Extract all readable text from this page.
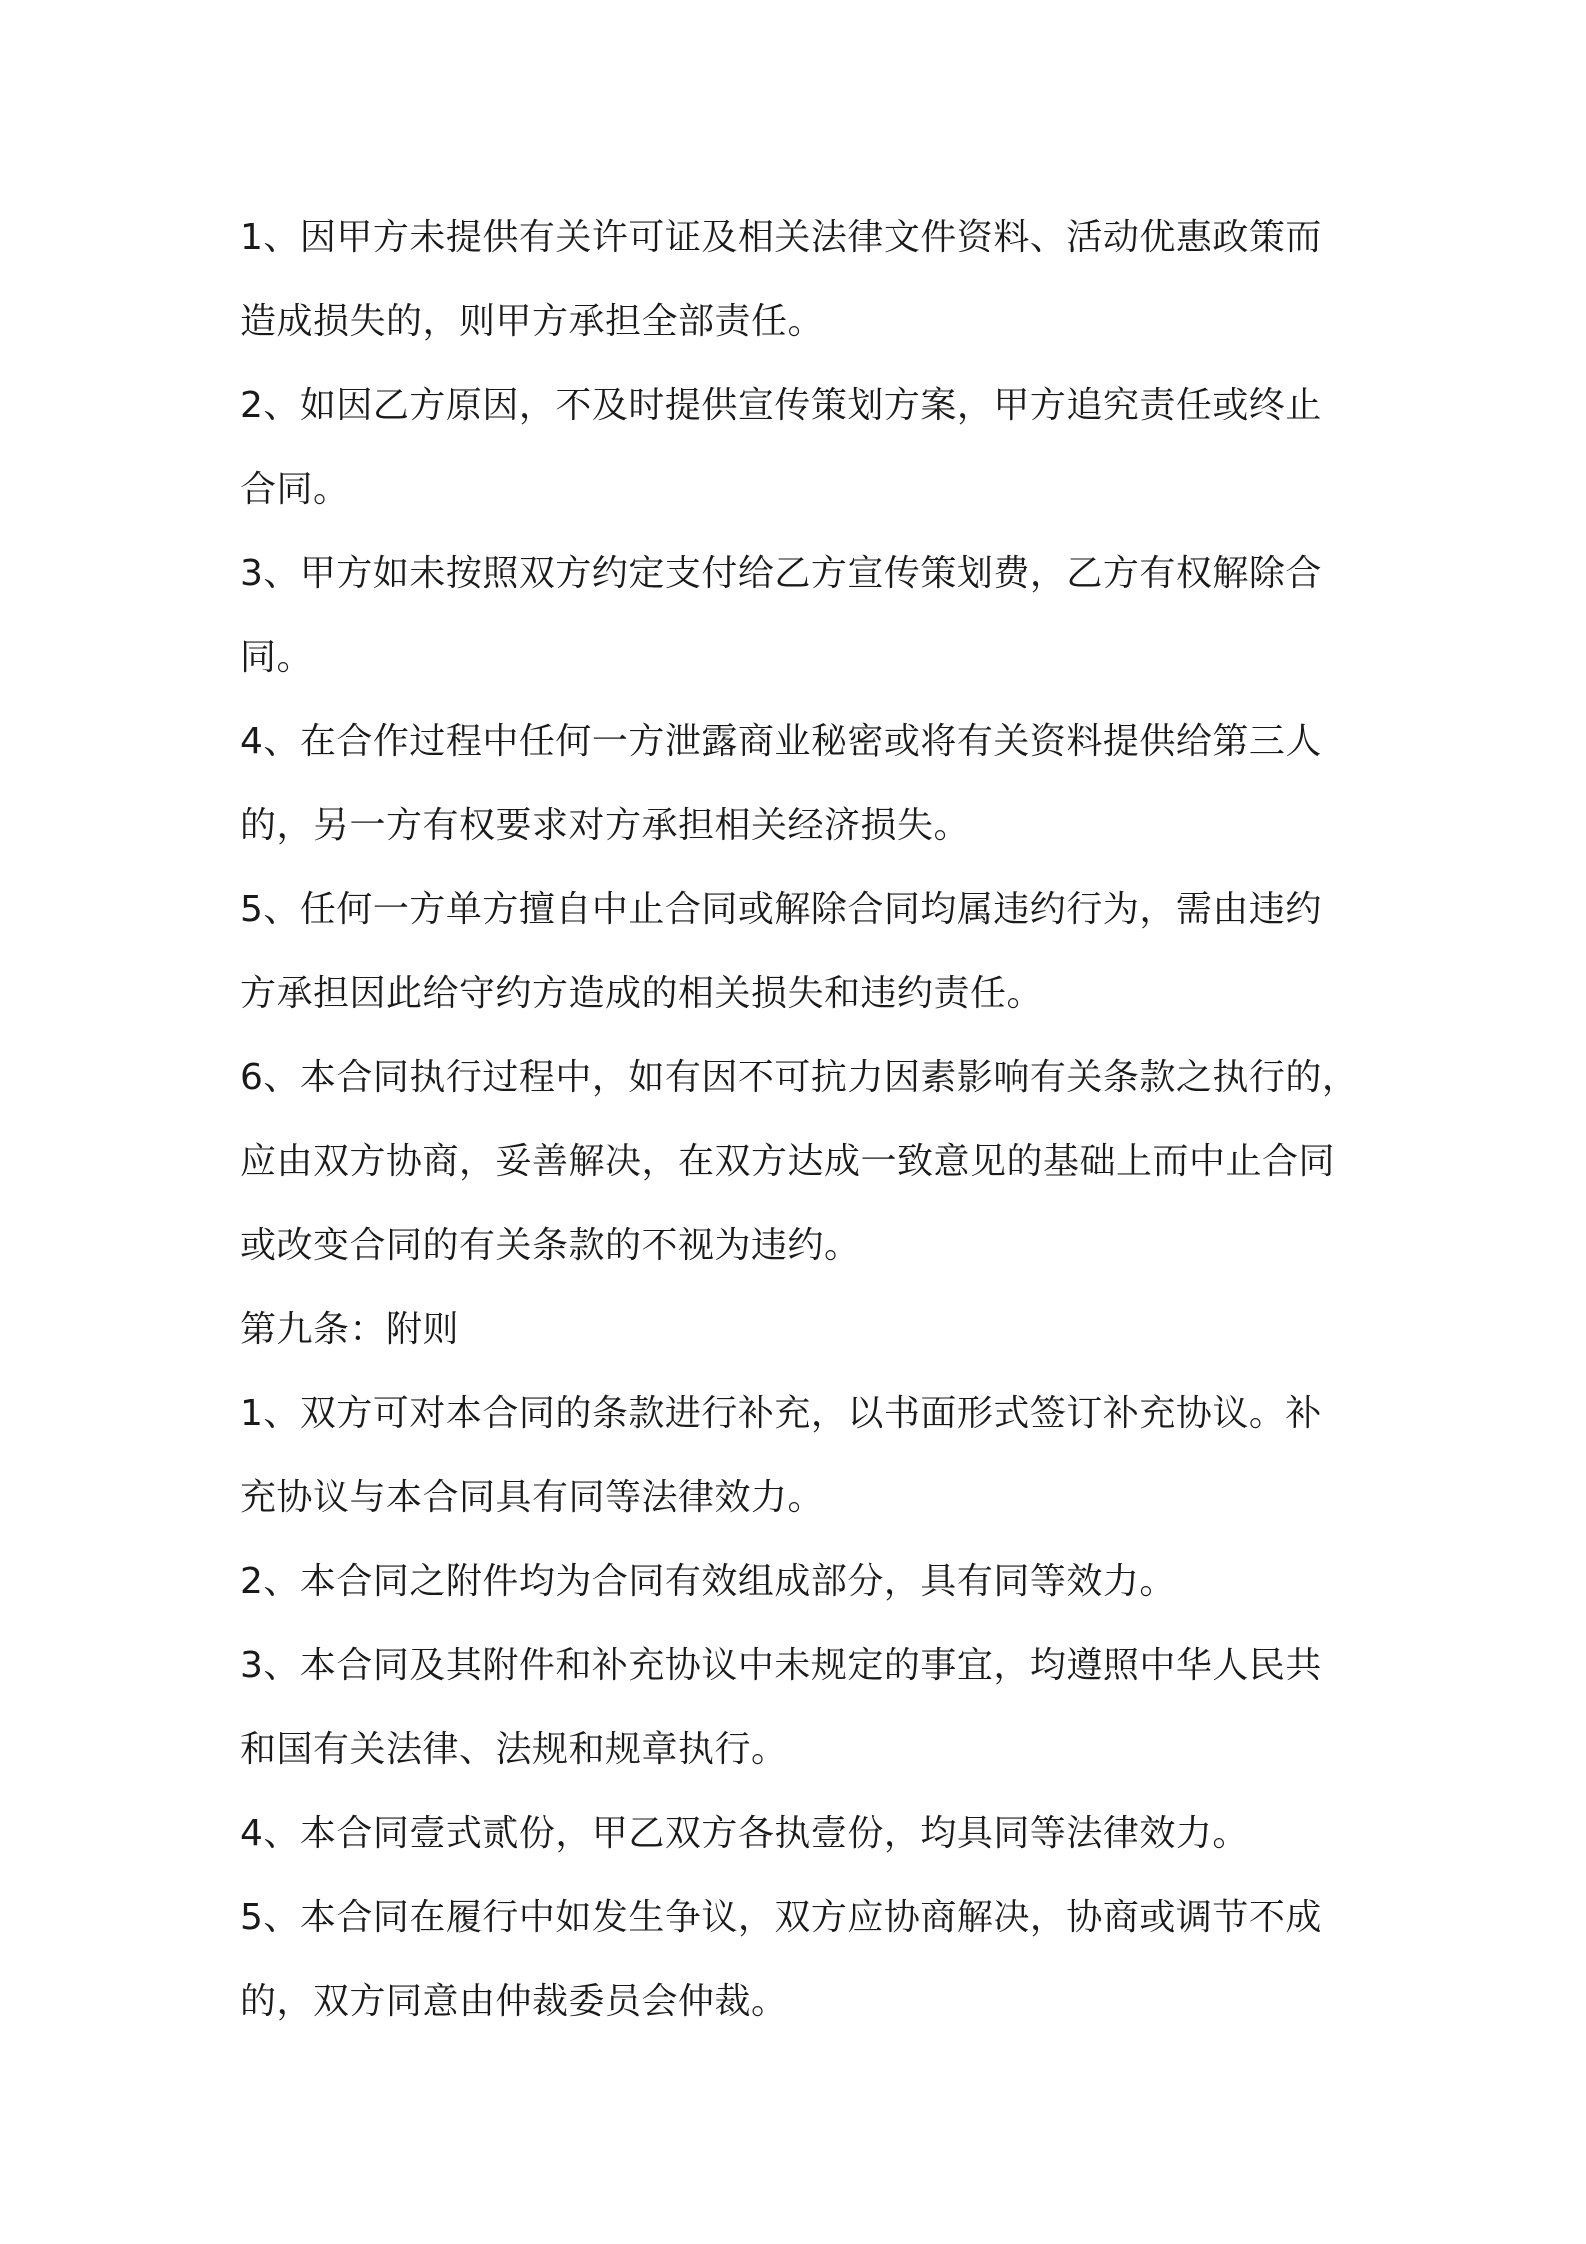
1、因甲方未提供有关许可证及相关法律文件资料、活动优惠政策而
造成损失的，则甲方承担全部责任。
2、如因乙方原因，不及时提供宣传策划方案，甲方追究责任或终止
合同。
3、甲方如未按照双方约定支付给乙方宣传策划费，乙方有权解除合
同。
4、在合作过程中任何一方泄露商业秘密或将有关资料提供给第三人
的，另一方有权要求对方承担相关经济损失。
5、任何一方单方擅自中止合同或解除合同均属违约行为，需由违约
方承担因此给守约方造成的相关损失和违约责任。
6、本合同执行过程中，如有因不可抗力因素影响有关条款之执行的，
应由双方协商，妥善解决，在双方达成一致意见的基础上而中止合同
或改变合同的有关条款的不视为违约。
第九条：附则
1、双方可对本合同的条款进行补充，以书面形式签订补充协议。补
充协议与本合同具有同等法律效力。
2、本合同之附件均为合同有效组成部分，具有同等效力。
3、本合同及其附件和补充协议中未规定的事宜，均遵照中华人民共
和国有关法律、法规和规章执行。
4、本合同壹式贰份，甲乙双方各执壹份，均具同等法律效力。
5、本合同在履行中如发生争议，双方应协商解决，协商或调节不成
的，双方同意由仲裁委员会仲裁。
